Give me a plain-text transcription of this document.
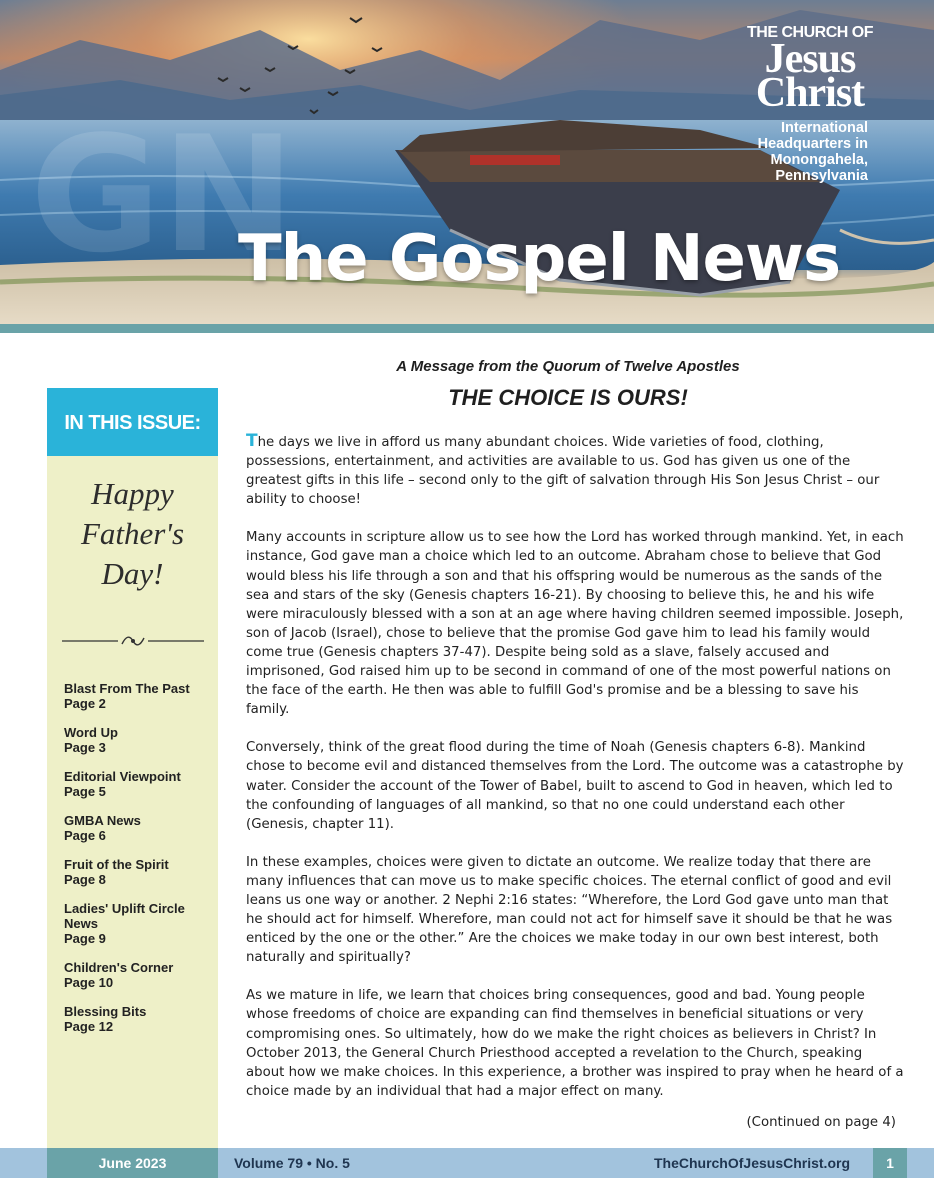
GN
THE CHURCH OF
Jesus
Christ
International
Headquarters in
Monongahela,
Pennsylvania
The Gospel News
IN THIS ISSUE:
Happy
Father's
Day!
Blast From The Past
Page 2
Word Up
Page 3
Editorial Viewpoint
Page 5
GMBA News
Page 6
Fruit of the Spirit
Page 8
Ladies' Uplift Circle News
Page 9
Children's Corner
Page 10
Blessing Bits
Page 12
A Message from the Quorum of Twelve Apostles
THE CHOICE IS OURS!

The days we live in afford us many abundant choices. Wide varieties of food, clothing, possessions, entertainment, and activities are available to us. God has given us one of the greatest gifts in this life – second only to the gift of salvation through His Son Jesus Christ – our ability to choose!

Many accounts in scripture allow us to see how the Lord has worked through mankind. Yet, in each instance, God gave man a choice which led to an outcome. Abraham chose to believe that God would bless his life through a son and that his offspring would be numerous as the sands of the sea and stars of the sky (Genesis chapters 16-21). By choosing to believe this, he and his wife were miraculously blessed with a son at an age where having children seemed impossible. Joseph, son of Jacob (Israel), chose to believe that the promise God gave him to lead his family would come true (Genesis chapters 37-47). Despite being sold as a slave, falsely accused and imprisoned, God raised him up to be second in command of one of the most powerful nations on the face of the earth. He then was able to fulfill God's promise and be a blessing to save his family.

Conversely, think of the great flood during the time of Noah (Genesis chapters 6-8). Mankind chose to become evil and distanced themselves from the Lord. The outcome was a catastrophe by water. Consider the account of the Tower of Babel, built to ascend to God in heaven, which led to the confounding of languages of all mankind, so that no one could understand each other (Genesis, chapter 11).

In these examples, choices were given to dictate an outcome. We realize today that there are many influences that can move us to make specific choices. The eternal conflict of good and evil leans us one way or another. 2 Nephi 2:16 states: “Wherefore, the Lord God gave unto man that he should act for himself. Wherefore, man could not act for himself save it should be that he was enticed by the one or the other.” Are the choices we make today in our own best interest, both naturally and spiritually?

As we mature in life, we learn that choices bring consequences, good and bad. Young people whose freedoms of choice are expanding can find themselves in beneficial situations or very compromising ones. So ultimately, how do we make the right choices as believers in Christ? In October 2013, the General Church Priesthood accepted a revelation to the Church, speaking about how we make choices. In this experience, a brother was inspired to pray when he heard of a choice made by an individual that had a major effect on many.

(Continued on page 4)
June 2023	Volume 79 • No. 5	TheChurchOfJesusChrist.org	1
